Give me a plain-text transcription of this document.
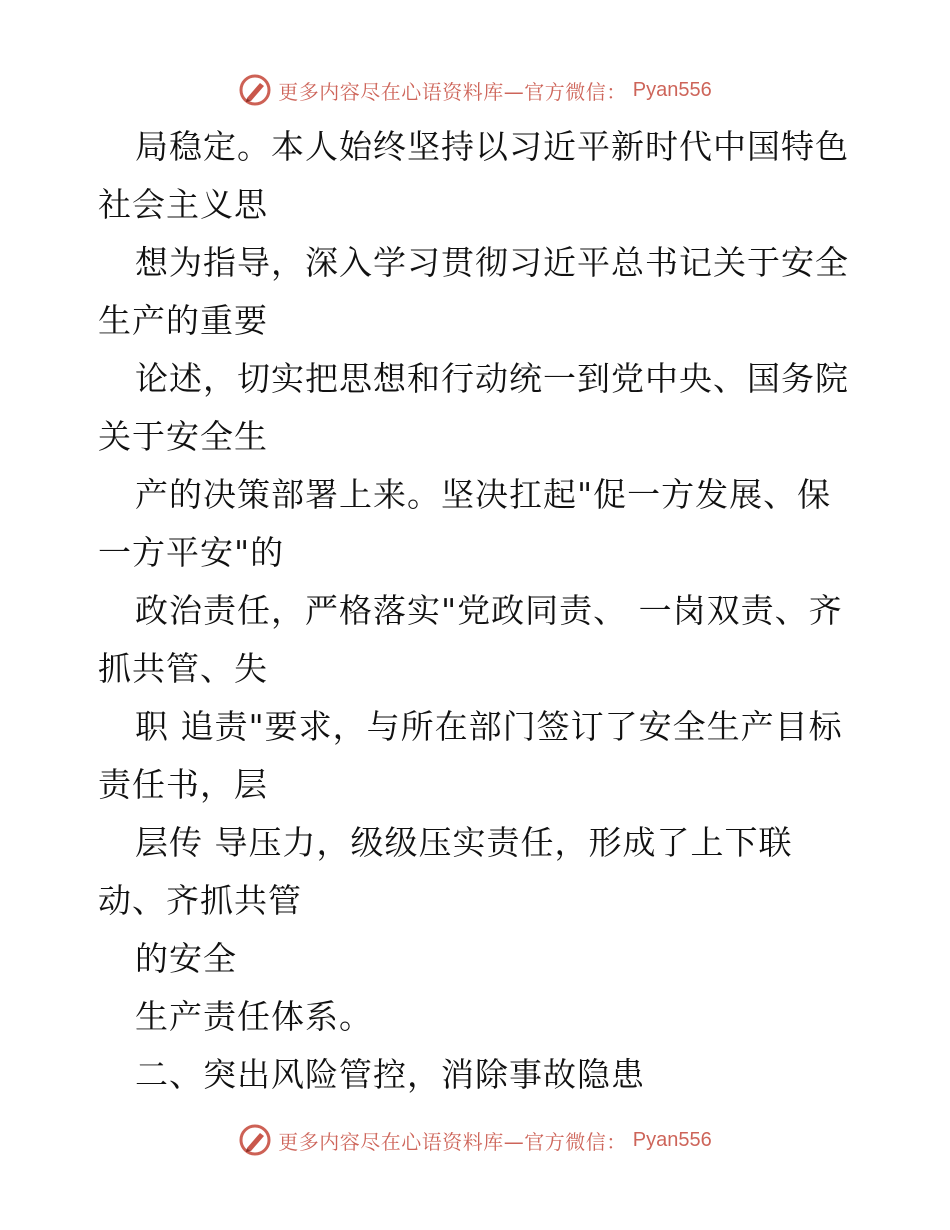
更多内容尽在心语资料库—官方微信： Pyan556
局稳定。本人始终坚持以习近平新时代中国特色
社会主义思
想为指导，深入学习贯彻习近平总书记关于安全
生产的重要
论述，切实把思想和行动统一到党中央、国务院
关于安全生
产的决策部署上来。坚决扛起"促一方发展、保
一方平安"的
政治责任，严格落实"党政同责、 一岗双责、齐
抓共管、失
职 追责"要求，与所在部门签订了安全生产目标
责任书，层
层传 导压力，级级压实责任，形成了上下联
动、齐抓共管
的安全
生产责任体系。
二、突出风险管控，消除事故隐患
更多内容尽在心语资料库—官方微信： Pyan556
